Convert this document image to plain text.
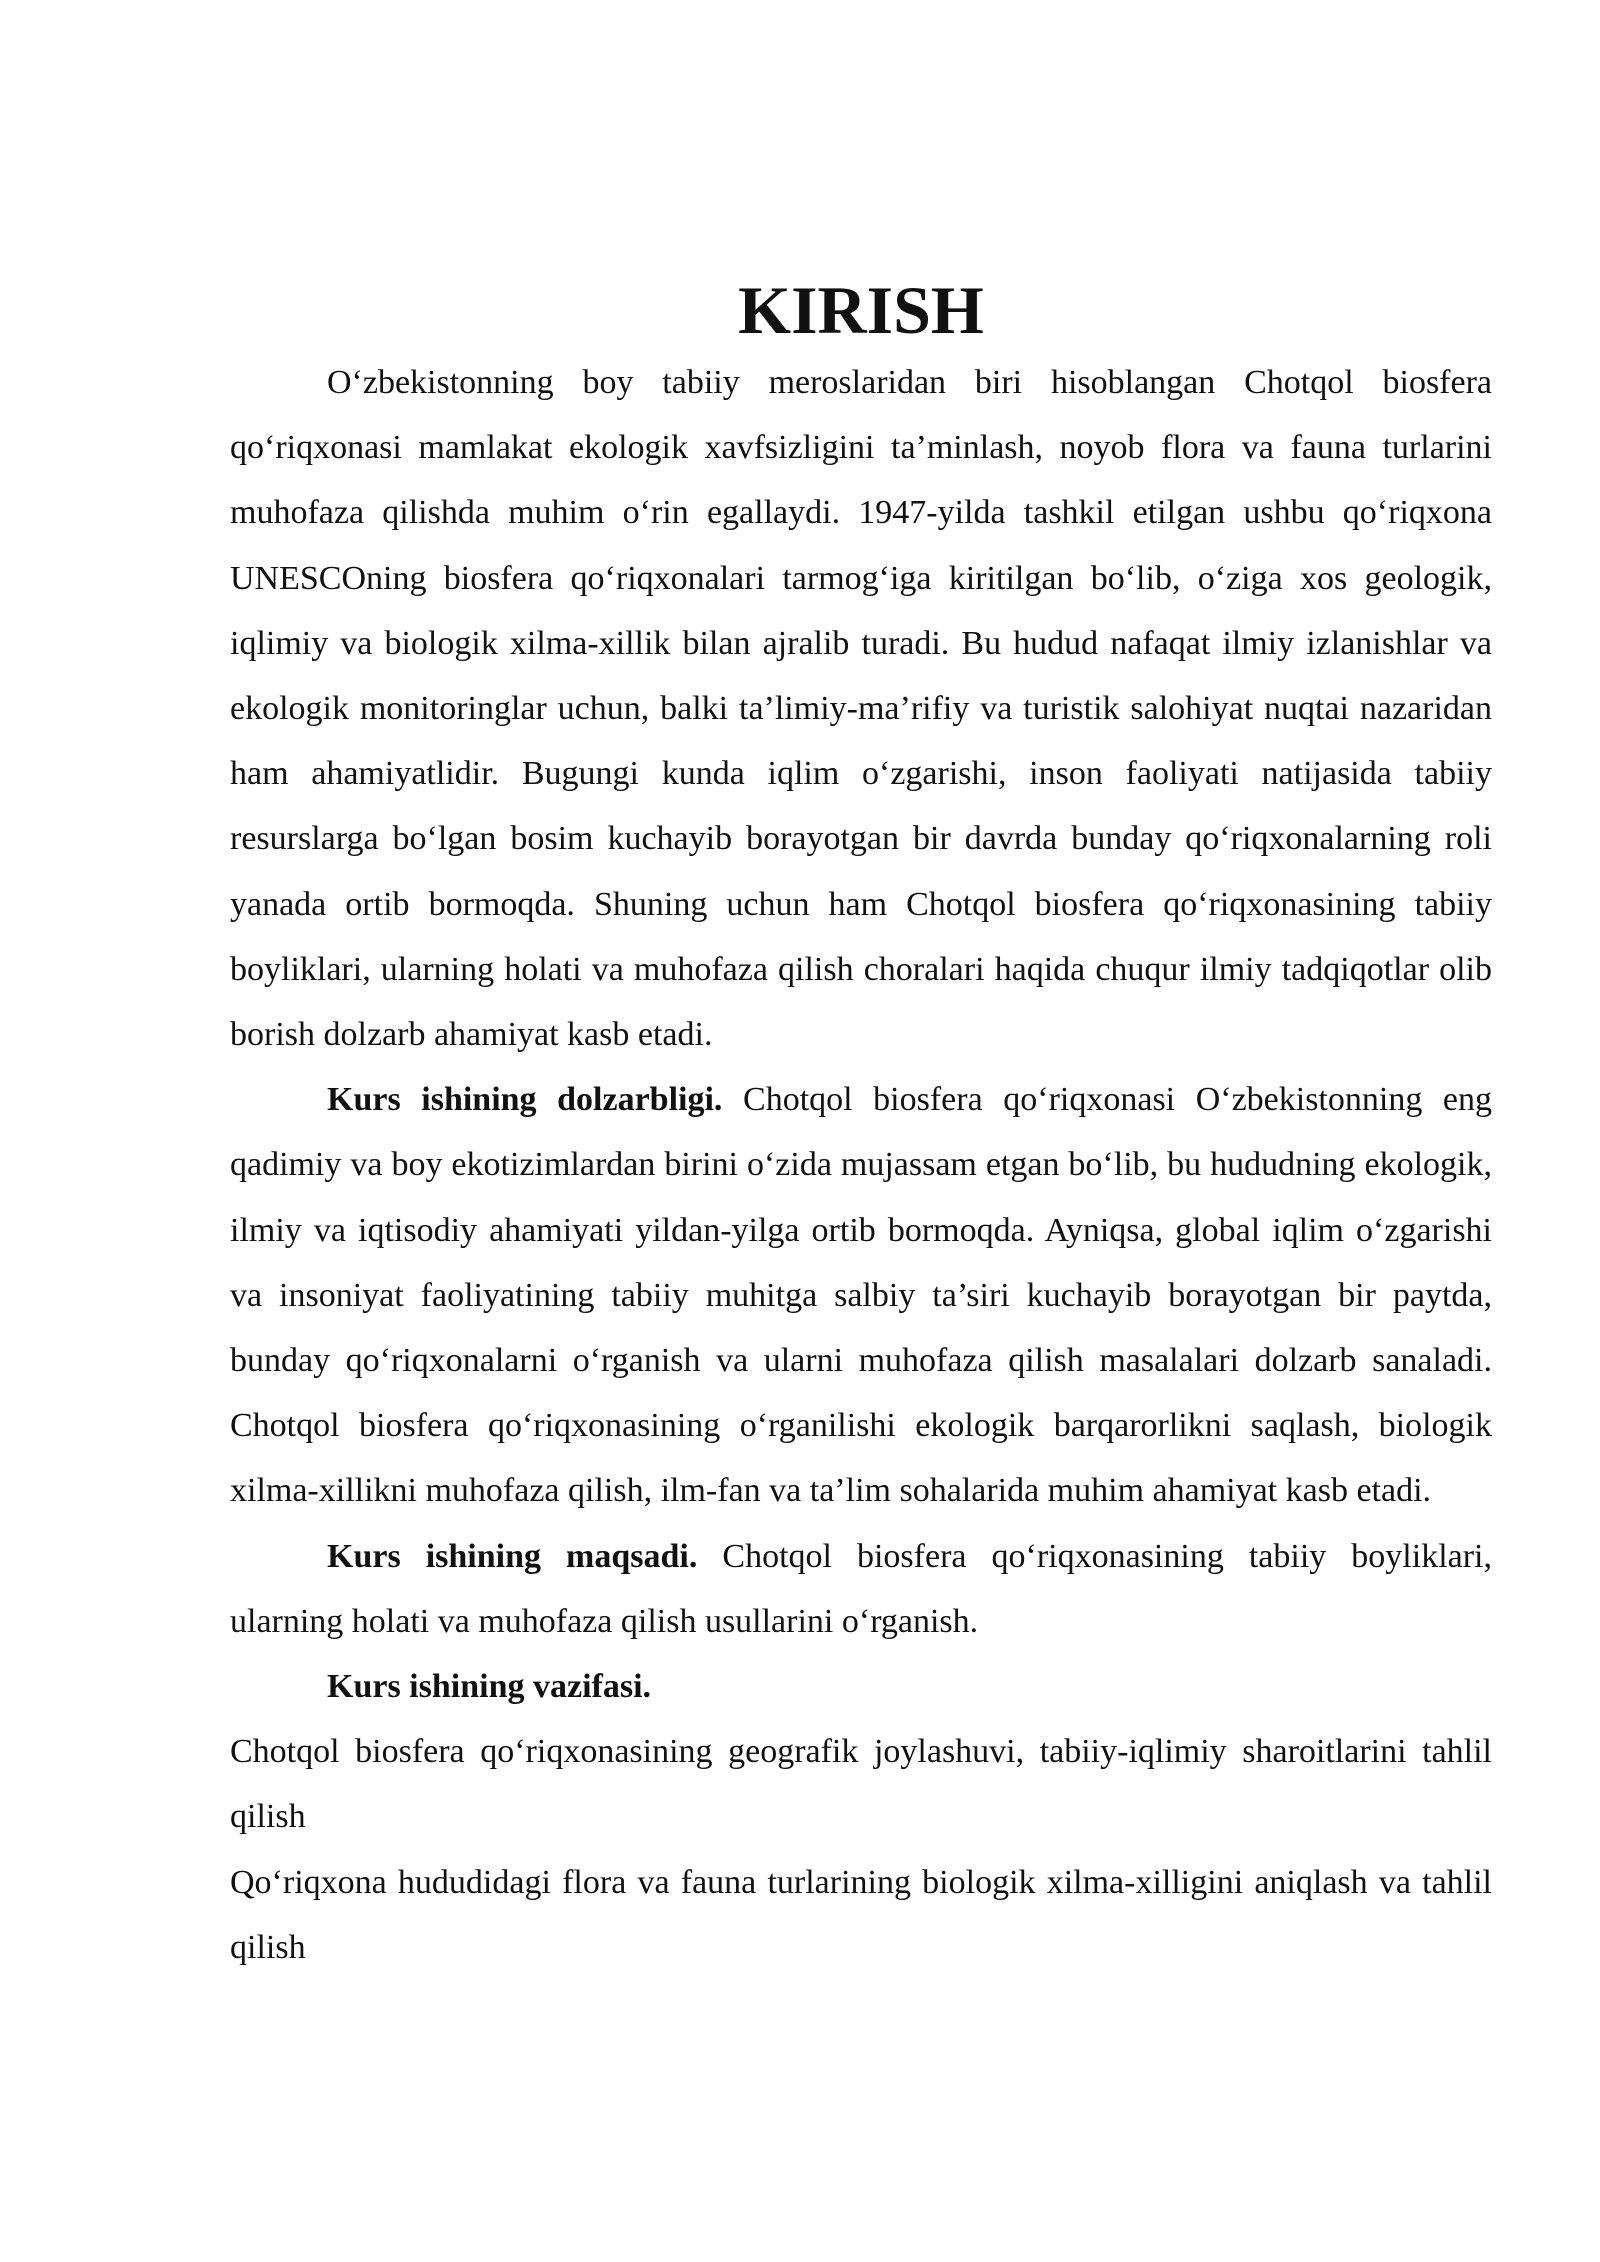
KIRISH

O‘zbekistonning boy tabiiy meroslaridan biri hisoblangan Chotqol biosfera qo‘riqxonasi mamlakat ekologik xavfsizligini ta’minlash, noyob flora va fauna turlarini muhofaza qilishda muhim o‘rin egallaydi. 1947-yilda tashkil etilgan ushbu qo‘riqxona UNESCOning biosfera qo‘riqxonalari tarmog‘iga kiritilgan bo‘lib, o‘ziga xos geologik, iqlimiy va biologik xilma-xillik bilan ajralib turadi. Bu hudud nafaqat ilmiy izlanishlar va ekologik monitoringlar uchun, balki ta’limiy-ma’rifiy va turistik salohiyat nuqtai nazaridan ham ahamiyatlidir. Bugungi kunda iqlim o‘zgarishi, inson faoliyati natijasida tabiiy resurslarga bo‘lgan bosim kuchayib borayotgan bir davrda bunday qo‘riqxonalarning roli yanada ortib bormoqda. Shuning uchun ham Chotqol biosfera qo‘riqxonasining tabiiy boyliklari, ularning holati va muhofaza qilish choralari haqida chuqur ilmiy tadqiqotlar olib borish dolzarb ahamiyat kasb etadi.

Kurs ishining dolzarbligi. Chotqol biosfera qo‘riqxonasi O‘zbekistonning eng qadimiy va boy ekotizimlardan birini o‘zida mujassam etgan bo‘lib, bu hududning ekologik, ilmiy va iqtisodiy ahamiyati yildan-yilga ortib bormoqda. Ayniqsa, global iqlim o‘zgarishi va insoniyat faoliyatining tabiiy muhitga salbiy ta’siri kuchayib borayotgan bir paytda, bunday qo‘riqxonalarni o‘rganish va ularni muhofaza qilish masalalari dolzarb sanaladi. Chotqol biosfera qo‘riqxonasining o‘rganilishi ekologik barqarorlikni saqlash, biologik xilma-xillikni muhofaza qilish, ilm-fan va ta’lim sohalarida muhim ahamiyat kasb etadi.

Kurs ishining maqsadi. Chotqol biosfera qo‘riqxonasining tabiiy boyliklari, ularning holati va muhofaza qilish usullarini o‘rganish.

Kurs ishining vazifasi.

Chotqol biosfera qo‘riqxonasining geografik joylashuvi, tabiiy-iqlimiy sharoitlarini tahlil qilish

Qo‘riqxona hududidagi flora va fauna turlarining biologik xilma-xilligini aniqlash va tahlil qilish
